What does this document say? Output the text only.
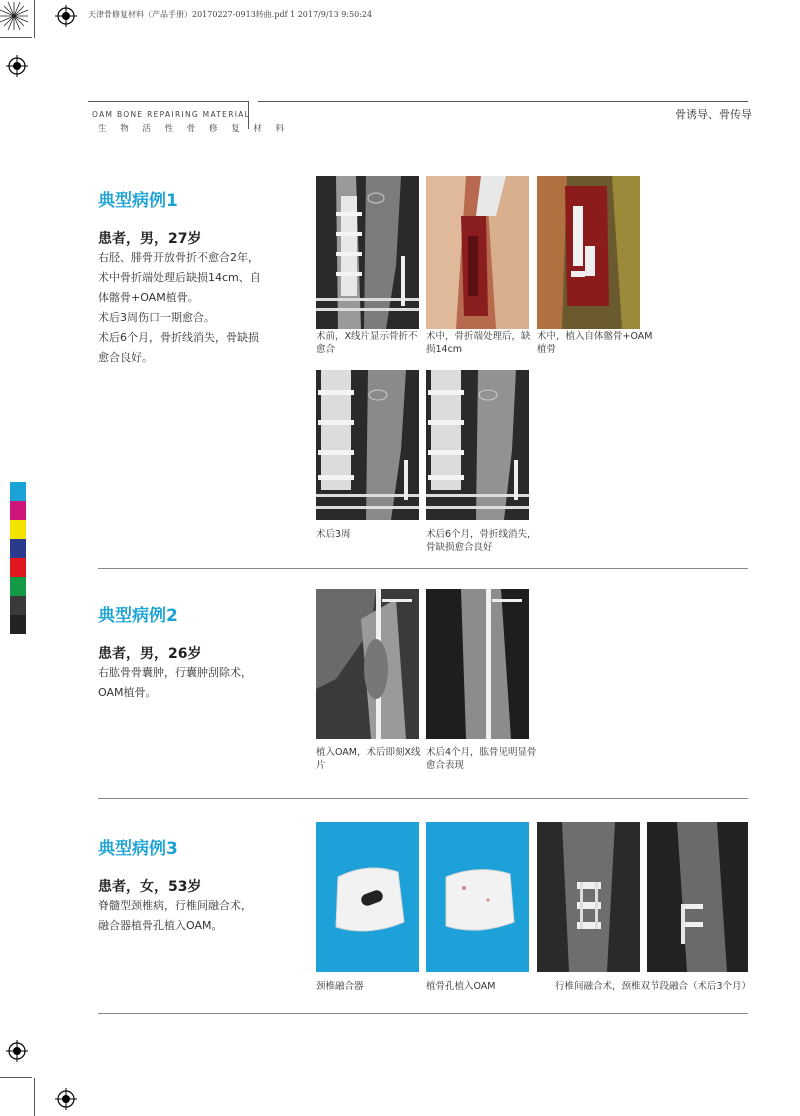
天津骨修复材料（产品手册）20170227-0913转曲.pdf 1 2017/9/13 9:50:24
OAM BONE REPAIRING MATERIAL
生 物 活 性 骨 修 复 材 料
骨诱导、骨传导
典型病例1
患者，男，27岁
右胫、腓骨开放骨折不愈合2年，
术中骨折端处理后缺损14cm、自
体髂骨+OAM植骨。
术后3周伤口一期愈合。
术后6个月，骨折线消失，骨缺损
愈合良好。
术前，X线片显示骨折不
愈合
术中，骨折端处理后，缺
损14cm
术中，植入自体髂骨+OAM
植骨
术后3周	术后6个月，骨折线消失，
骨缺损愈合良好
典型病例2
患者，男，26岁
右肱骨骨囊肿，行囊肿刮除术，
OAM植骨。
植入OAM，术后即刻X线
片
术后4个月，肱骨见明显骨
愈合表现
典型病例3
患者，女，53岁
脊髓型颈椎病，行椎间融合术，
融合器植骨孔植入OAM。
颈椎融合器	植骨孔植入OAM	行椎间融合术，颈椎双节段融合（术后3个月）
